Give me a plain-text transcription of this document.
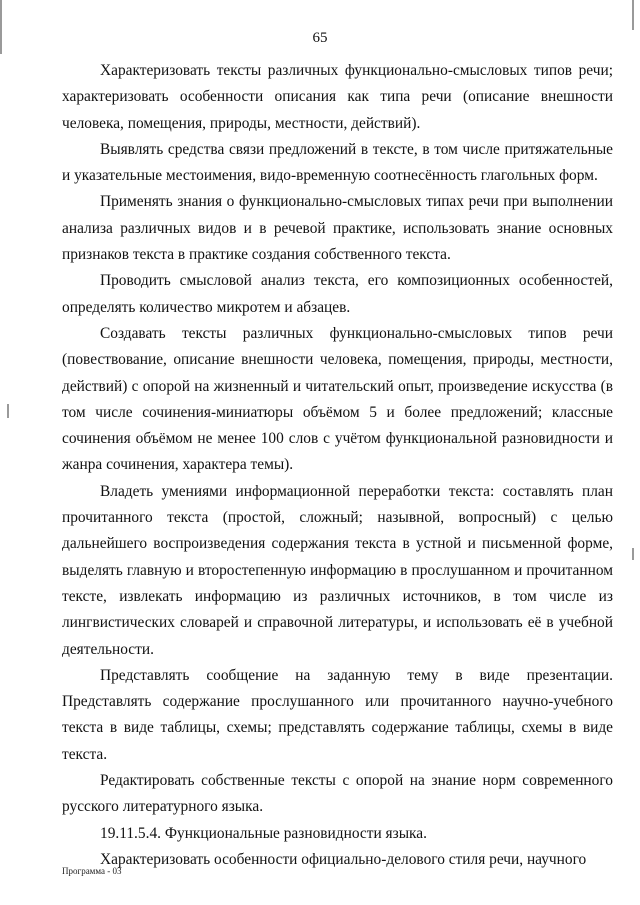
65

Характеризовать тексты различных функционально-смысловых типов речи; характеризовать особенности описания как типа речи (описание внешности человека, помещения, природы, местности, действий).

Выявлять средства связи предложений в тексте, в том числе притяжательные и указательные местоимения, видо-временную соотнесённость глагольных форм.

Применять знания о функционально-смысловых типах речи при выполнении анализа различных видов и в речевой практике, использовать знание основных признаков текста в практике создания собственного текста.

Проводить смысловой анализ текста, его композиционных особенностей, определять количество микротем и абзацев.

Создавать тексты различных функционально-смысловых типов речи (повествование, описание внешности человека, помещения, природы, местности, действий) с опорой на жизненный и читательский опыт, произведение искусства (в том числе сочинения-миниатюры объёмом 5 и более предложений; классные сочинения объёмом не менее 100 слов с учётом функциональной разновидности и жанра сочинения, характера темы).

Владеть умениями информационной переработки текста: составлять план прочитанного текста (простой, сложный; назывной, вопросный) с целью дальнейшего воспроизведения содержания текста в устной и письменной форме, выделять главную и второстепенную информацию в прослушанном и прочитанном тексте, извлекать информацию из различных источников, в том числе из лингвистических словарей и справочной литературы, и использовать её в учебной деятельности.

Представлять сообщение на заданную тему в виде презентации. Представлять содержание прослушанного или прочитанного научно-учебного текста в виде таблицы, схемы; представлять содержание таблицы, схемы в виде текста.

Редактировать собственные тексты с опорой на знание норм современного русского литературного языка.

19.11.5.4. Функциональные разновидности языка.

Характеризовать особенности официально-делового стиля речи, научного

Программа - 03
